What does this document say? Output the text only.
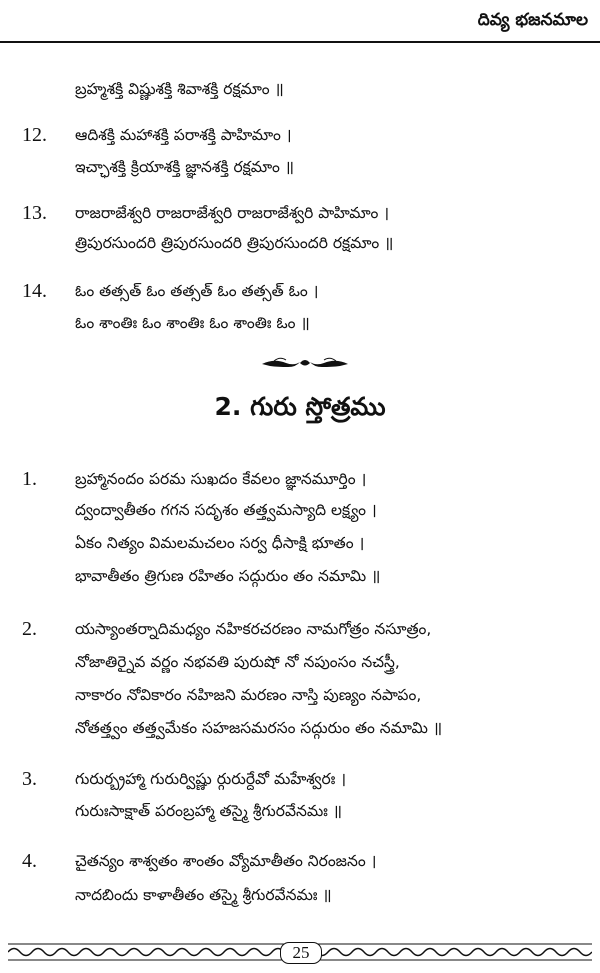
దివ్య భజనమాల
బ్రహ్మశక్తి విష్ణుశక్తి శివాశక్తి రక్షమాం ॥
12. ఆదిశక్తి మహాశక్తి పరాశక్తి పాహిమాం ।
ఇచ్ఛాశక్తి క్రియాశక్తి జ్ఞానశక్తి రక్షమాం ॥
13. రాజరాజేశ్వరి రాజరాజేశ్వరి రాజరాజేశ్వరి పాహిమాం ।
త్రిపురసుందరి త్రిపురసుందరి త్రిపురసుందరి రక్షమాం ॥
14. ఓం తత్సత్ ఓం తత్సత్ ఓం తత్సత్ ఓం ।
ఓం శాంతిః ఓం శాంతిః ఓం శాంతిః ఓం ॥
2. గురు స్తోత్రము
1. బ్రహ్మానందం పరమ సుఖదం కేవలం జ్ఞానమూర్తిం ।
ద్వంద్వాతీతం గగన సదృశం తత్త్వమస్యాది లక్ష్యం ।
ఏకం నిత్యం విమలమచలం సర్వ ధీసాక్షి భూతం ।
భావాతీతం త్రిగుణ రహితం సద్గురుం తం నమామి ॥
2. యస్యాంతర్నాదిమధ్యం నహికరచరణం నామగోత్రం నసూత్రం,
నోజాతిర్నైవ వర్ణం నభవతి పురుషో నో నపుంసం నచస్త్రీ,
నాకారం నోవికారం నహిజని మరణం నాస్తి పుణ్యం నపాపం,
నోతత్త్వం తత్త్వమేకం సహజసమరసం సద్గురుం తం నమామి ॥
3. గురుర్బ్రహ్మా గురుర్విష్ణు ర్గురుర్దేవో మహేశ్వరః ।
గురుఃసాక్షాత్ పరంబ్రహ్మా తస్మై శ్రీగురవేనమః ॥
4. చైతన్యం శాశ్వతం శాంతం వ్యోమాతీతం నిరంజనం ।
నాదబిందు కాళాతీతం తస్మై శ్రీగురవేనమః ॥
25
